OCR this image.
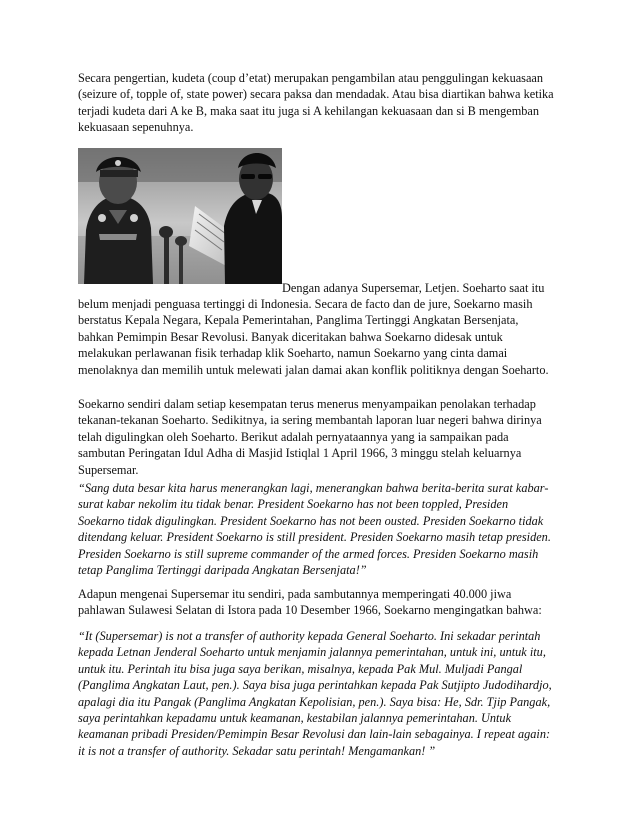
Secara pengertian, kudeta (coup d’etat) merupakan pengambilan atau penggulingan kekuasaan
(seizure of, topple of, state power) secara paksa dan mendadak. Atau bisa diartikan bahwa ketika
terjadi kudeta dari A ke B, maka saat itu juga si A kehilangan kekuasaan dan si B mengemban
kekuasaan sepenuhnya.

Dengan adanya Supersemar, Letjen. Soeharto saat itu

belum menjadi penguasa tertinggi di Indonesia. Secara de facto dan de jure, Soekarno masih
berstatus Kepala Negara, Kepala Pemerintahan, Panglima Tertinggi Angkatan Bersenjata,
bahkan Pemimpin Besar Revolusi. Banyak diceritakan bahwa Soekarno didesak untuk
melakukan perlawanan fisik terhadap klik Soeharto, namun Soekarno yang cinta damai
menolaknya dan memilih untuk melewati jalan damai akan konflik politiknya dengan Soeharto.

Soekarno sendiri dalam setiap kesempatan terus menerus menyampaikan penolakan terhadap
tekanan-tekanan Soeharto. Sedikitnya, ia sering membantah laporan luar negeri bahwa dirinya
telah digulingkan oleh Soeharto. Berikut adalah pernyataannya yang ia sampaikan pada
sambutan Peringatan Idul Adha di Masjid Istiqlal 1 April 1966, 3 minggu stelah keluarnya
Supersemar.

“Sang duta besar kita harus menerangkan lagi, menerangkan bahwa berita-berita surat kabar-
surat kabar nekolim itu tidak benar. President Soekarno has not been toppled, Presiden
Soekarno tidak digulingkan. President Soekarno has not been ousted. Presiden Soekarno tidak
ditendang keluar. President Soekarno is still president. Presiden Soekarno masih tetap presiden.
Presiden Soekarno is still supreme commander of the armed forces. Presiden Soekarno masih
tetap Panglima Tertinggi daripada Angkatan Bersenjata!”

Adapun mengenai Supersemar itu sendiri, pada sambutannya memperingati 40.000 jiwa
pahlawan Sulawesi Selatan di Istora pada 10 Desember 1966, Soekarno mengingatkan bahwa:

“It (Supersemar) is not a transfer of authority kepada General Soeharto. Ini sekadar perintah
kepada Letnan Jenderal Soeharto untuk menjamin jalannya pemerintahan, untuk ini, untuk itu,
untuk itu. Perintah itu bisa juga saya berikan, misalnya, kepada Pak Mul. Muljadi Pangal
(Panglima Angkatan Laut, pen.). Saya bisa juga perintahkan kepada Pak Sutjipto Judodihardjo,
apalagi dia itu Pangak (Panglima Angkatan Kepolisian, pen.). Saya bisa: He, Sdr. Tjip Pangak,
saya perintahkan kepadamu untuk keamanan, kestabilan jalannya pemerintahan. Untuk
keamanan pribadi Presiden/Pemimpin Besar Revolusi dan lain-lain sebagainya. I repeat again:
it is not a transfer of authority. Sekadar satu perintah! Mengamankan! ”
